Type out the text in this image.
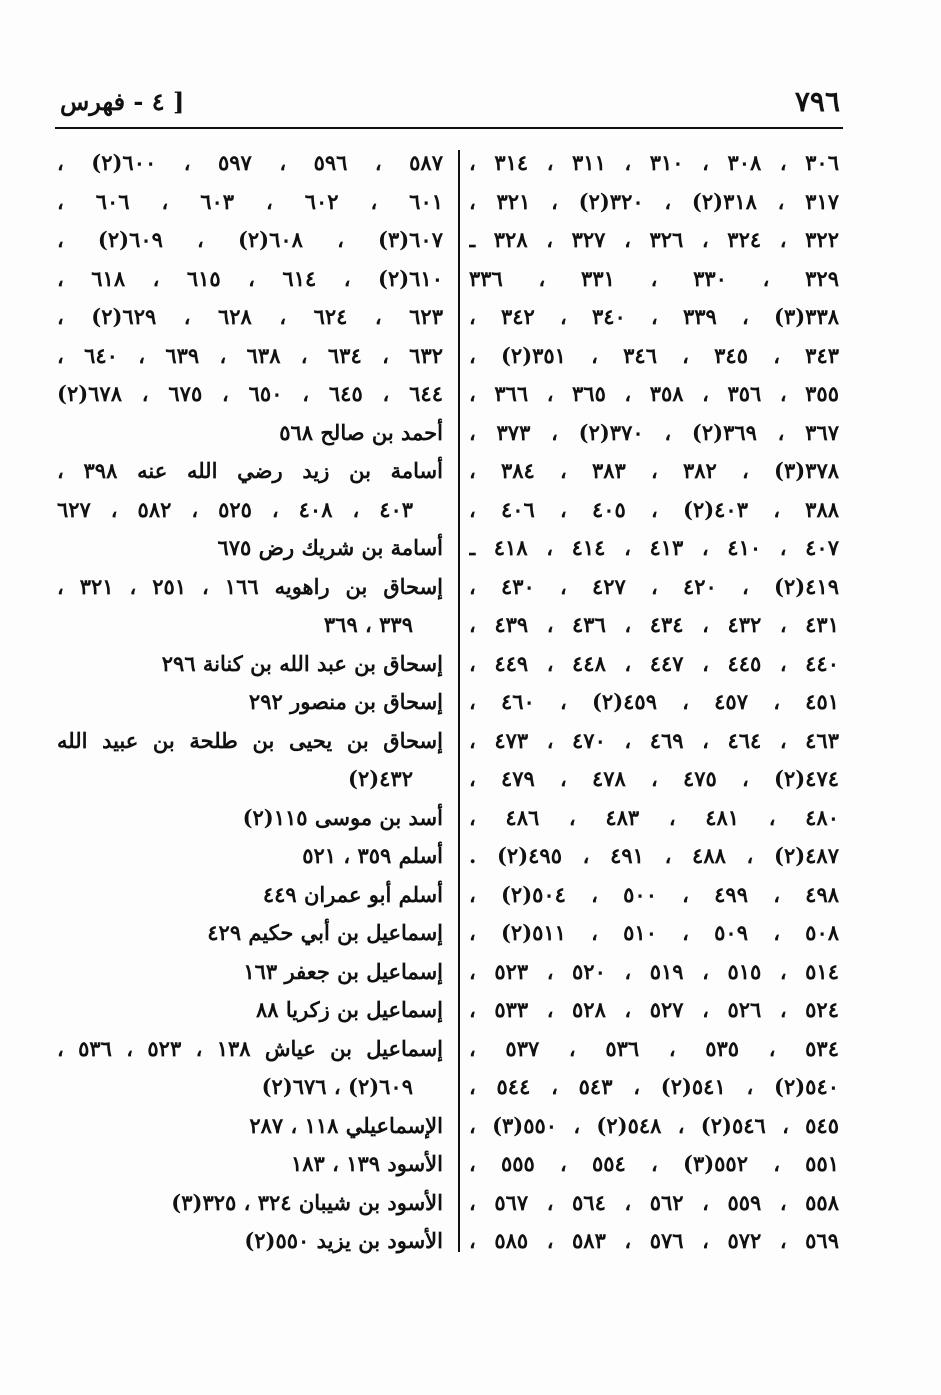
٧٩٦
[ ٤ - فهرس
٣٠٦ ، ٣٠٨ ، ٣١٠ ، ٣١١ ، ٣١٤ ،
٣١٧ ، ٣١٨(٢) ، ٣٢٠(٢) ، ٣٢١ ،
٣٢٢ ، ٣٢٤ ، ٣٢٦ ، ٣٢٧ ، ٣٢٨ ـ
٣٢٩ ، ٣٣٠ ، ٣٣١ ، ٣٣٦
٣٣٨(٣) ، ٣٣٩ ، ٣٤٠ ، ٣٤٢ ،
٣٤٣ ، ٣٤٥ ، ٣٤٦ ، ٣٥١(٢) ،
٣٥٥ ، ٣٥٦ ، ٣٥٨ ، ٣٦٥ ، ٣٦٦ ،
٣٦٧ ، ٣٦٩(٢) ، ٣٧٠(٢) ، ٣٧٣ ،
٣٧٨(٣) ، ٣٨٢ ، ٣٨٣ ، ٣٨٤ ،
٣٨٨ ، ٤٠٣(٢) ، ٤٠٥ ، ٤٠٦ ،
٤٠٧ ، ٤١٠ ، ٤١٣ ، ٤١٤ ، ٤١٨ ـ
٤١٩(٢) ، ٤٢٠ ، ٤٢٧ ، ٤٣٠ ،
٤٣١ ، ٤٣٢ ، ٤٣٤ ، ٤٣٦ ، ٤٣٩ ،
٤٤٠ ، ٤٤٥ ، ٤٤٧ ، ٤٤٨ ، ٤٤٩ ،
٤٥١ ، ٤٥٧ ، ٤٥٩(٢) ، ٤٦٠ ،
٤٦٣ ، ٤٦٤ ، ٤٦٩ ، ٤٧٠ ، ٤٧٣ ،
٤٧٤(٢) ، ٤٧٥ ، ٤٧٨ ، ٤٧٩ ،
٤٨٠ ، ٤٨١ ، ٤٨٣ ، ٤٨٦ ،
٤٨٧(٢) ، ٤٨٨ ، ٤٩١ ، ٤٩٥(٢) .
٤٩٨ ، ٤٩٩ ، ٥٠٠ ، ٥٠٤(٢) ،
٥٠٨ ، ٥٠٩ ، ٥١٠ ، ٥١١(٢) ،
٥١٤ ، ٥١٥ ، ٥١٩ ، ٥٢٠ ، ٥٢٣ ،
٥٢٤ ، ٥٢٦ ، ٥٢٧ ، ٥٢٨ ، ٥٣٣ ،
٥٣٤ ، ٥٣٥ ، ٥٣٦ ، ٥٣٧ ،
٥٤٠(٢) ، ٥٤١(٢) ، ٥٤٣ ، ٥٤٤ ،
٥٤٥ ، ٥٤٦(٢) ، ٥٤٨(٢) ، ٥٥٠(٣) ،
٥٥١ ، ٥٥٢(٣) ، ٥٥٤ ، ٥٥٥ ،
٥٥٨ ، ٥٥٩ ، ٥٦٢ ، ٥٦٤ ، ٥٦٧ ،
٥٦٩ ، ٥٧٢ ، ٥٧٦ ، ٥٨٣ ، ٥٨٥ ،
٥٨٧ ، ٥٩٦ ، ٥٩٧ ، ٦٠٠(٢) ،
٦٠١ ، ٦٠٢ ، ٦٠٣ ، ٦٠٦ ،
٦٠٧(٣) ، ٦٠٨(٢) ، ٦٠٩(٢) ،
٦١٠(٢) ، ٦١٤ ، ٦١٥ ، ٦١٨ ،
٦٢٣ ، ٦٢٤ ، ٦٢٨ ، ٦٢٩(٢) ،
٦٣٢ ، ٦٣٤ ، ٦٣٨ ، ٦٣٩ ، ٦٤٠ ،
٦٤٤ ، ٦٤٥ ، ٦٥٠ ، ٦٧٥ ، ٦٧٨(٢)
أحمد بن صالح ٥٦٨
أسامة بن زيد رضي الله عنه ٣٩٨ ،
٤٠٣ ، ٤٠٨ ، ٥٢٥ ، ٥٨٢ ، ٦٢٧
أسامة بن شريك رض ٦٧٥
إسحاق بن راهويه ١٦٦ ، ٢٥١ ، ٣٢١ ،
٣٣٩ ، ٣٦٩
إسحاق بن عبد الله بن كنانة ٢٩٦
إسحاق بن منصور ٢٩٢
إسحاق بن يحيى بن طلحة بن عبيد الله
٤٣٢(٢)
أسد بن موسى ١١٥(٢)
أسلم ٣٥٩ ، ٥٢١
أسلم أبو عمران ٤٤٩
إسماعيل بن أبي حكيم ٤٢٩
إسماعيل بن جعفر ١٦٣
إسماعيل بن زكريا ٨٨
إسماعيل بن عياش ١٣٨ ، ٥٢٣ ، ٥٣٦ ،
٦٠٩(٢) ، ٦٧٦(٢)
الإسماعيلي ١١٨ ، ٢٨٧
الأسود ١٣٩ ، ١٨٣
الأسود بن شيبان ٣٢٤ ، ٣٢٥(٣)
الأسود بن يزيد ٥٥٠(٢)
